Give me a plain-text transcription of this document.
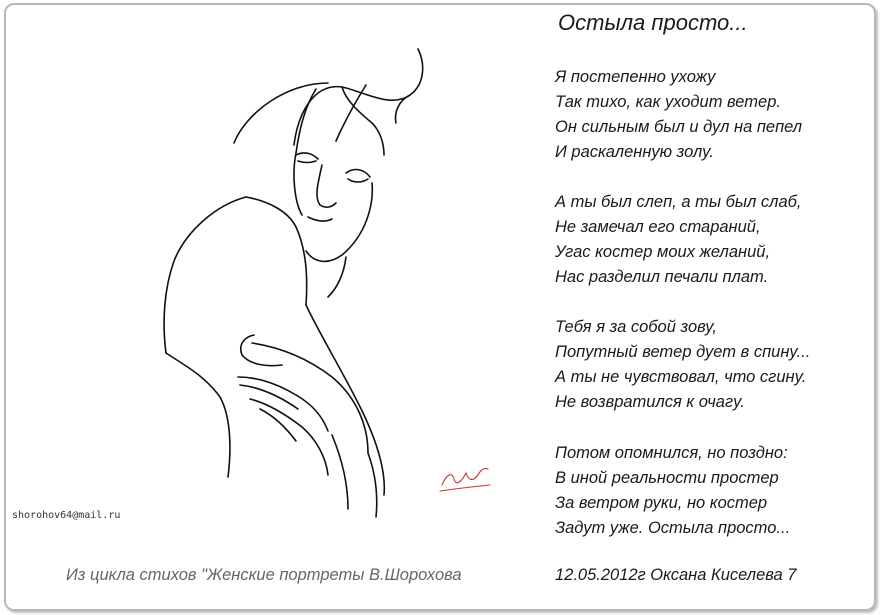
shorohov64@mail.ru
Остыла просто...
Я постепенно ухожу
Так тихо, как уходит ветер.
Он сильным был и дул на пепел
И раскаленную золу.
А ты был слеп, а ты был слаб,
Не замечал его стараний,
Угас костер моих желаний,
Нас разделил печали плат.
Тебя я за собой зову,
Попутный ветер дует в спину...
А ты не чувствовал, что сгину.
Не возвратился к очагу.
Потом опомнился, но поздно:
В иной реальности простер
За ветром руки, но костер
Задут уже. Остыла просто...
Из цикла стихов "Женские портреты В.Шорохова	12.05.2012г Оксана Киселева 7
